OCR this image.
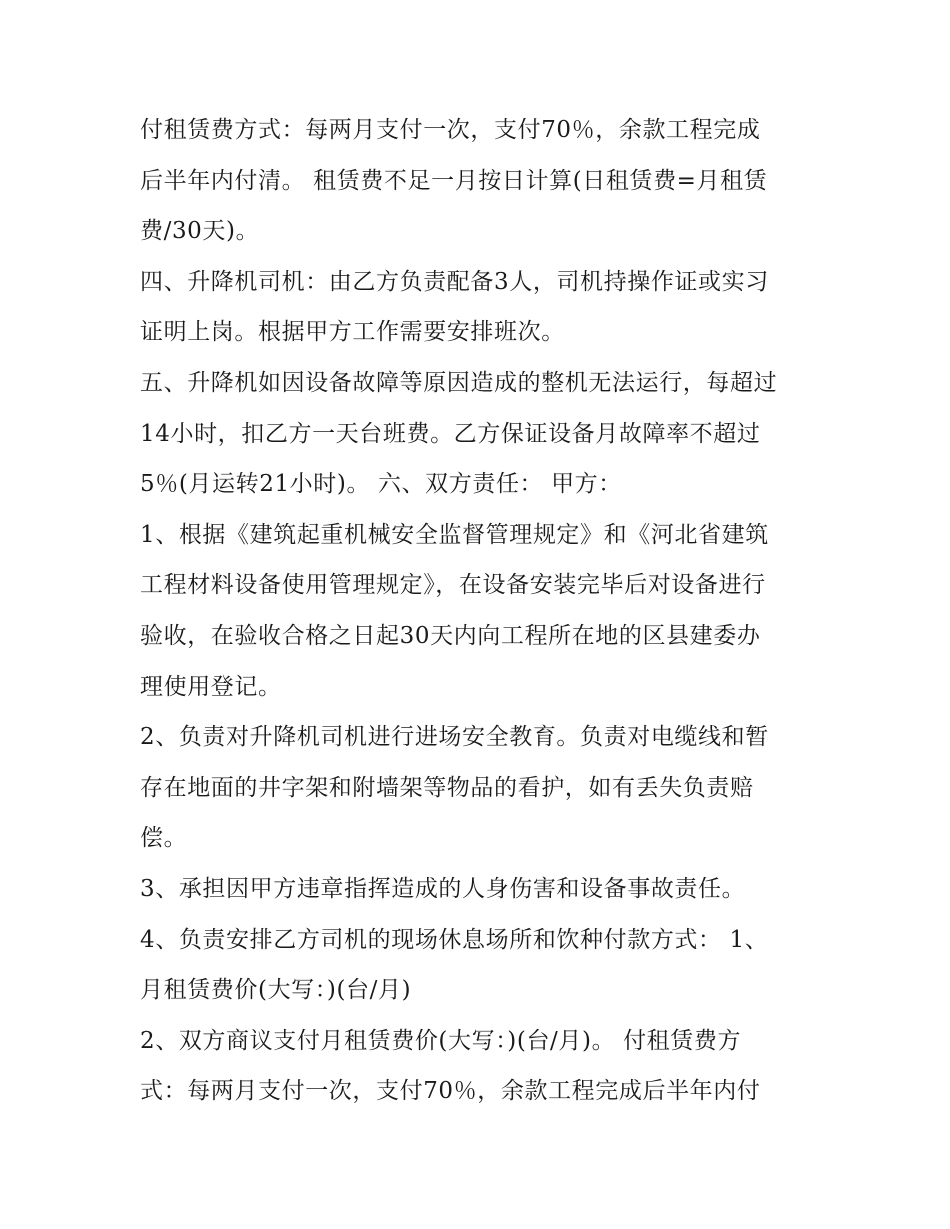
付租赁费方式：每两月支付一次，支付70％，余款工程完成
后半年内付清。 租赁费不足一月按日计算(日租赁费=月租赁
费/30天)。
四、升降机司机：由乙方负责配备3人，司机持操作证或实习
证明上岗。根据甲方工作需要安排班次。
五、升降机如因设备故障等原因造成的整机无法运行，每超过
14小时，扣乙方一天台班费。乙方保证设备月故障率不超过
5％(月运转21小时)。 六、双方责任： 甲方：
1、根据《建筑起重机械安全监督管理规定》和《河北省建筑
工程材料设备使用管理规定》，在设备安装完毕后对设备进行
验收，在验收合格之日起30天内向工程所在地的区县建委办
理使用登记。
2、负责对升降机司机进行进场安全教育。负责对电缆线和暂
存在地面的井字架和附墙架等物品的看护，如有丢失负责赔
偿。
3、承担因甲方违章指挥造成的人身伤害和设备事故责任。
4、负责安排乙方司机的现场休息场所和饮种付款方式： 1、
月租赁费价(大写：)(台/月)
2、双方商议支付月租赁费价(大写：)(台/月)。 付租赁费方
式：每两月支付一次，支付70％，余款工程完成后半年内付
